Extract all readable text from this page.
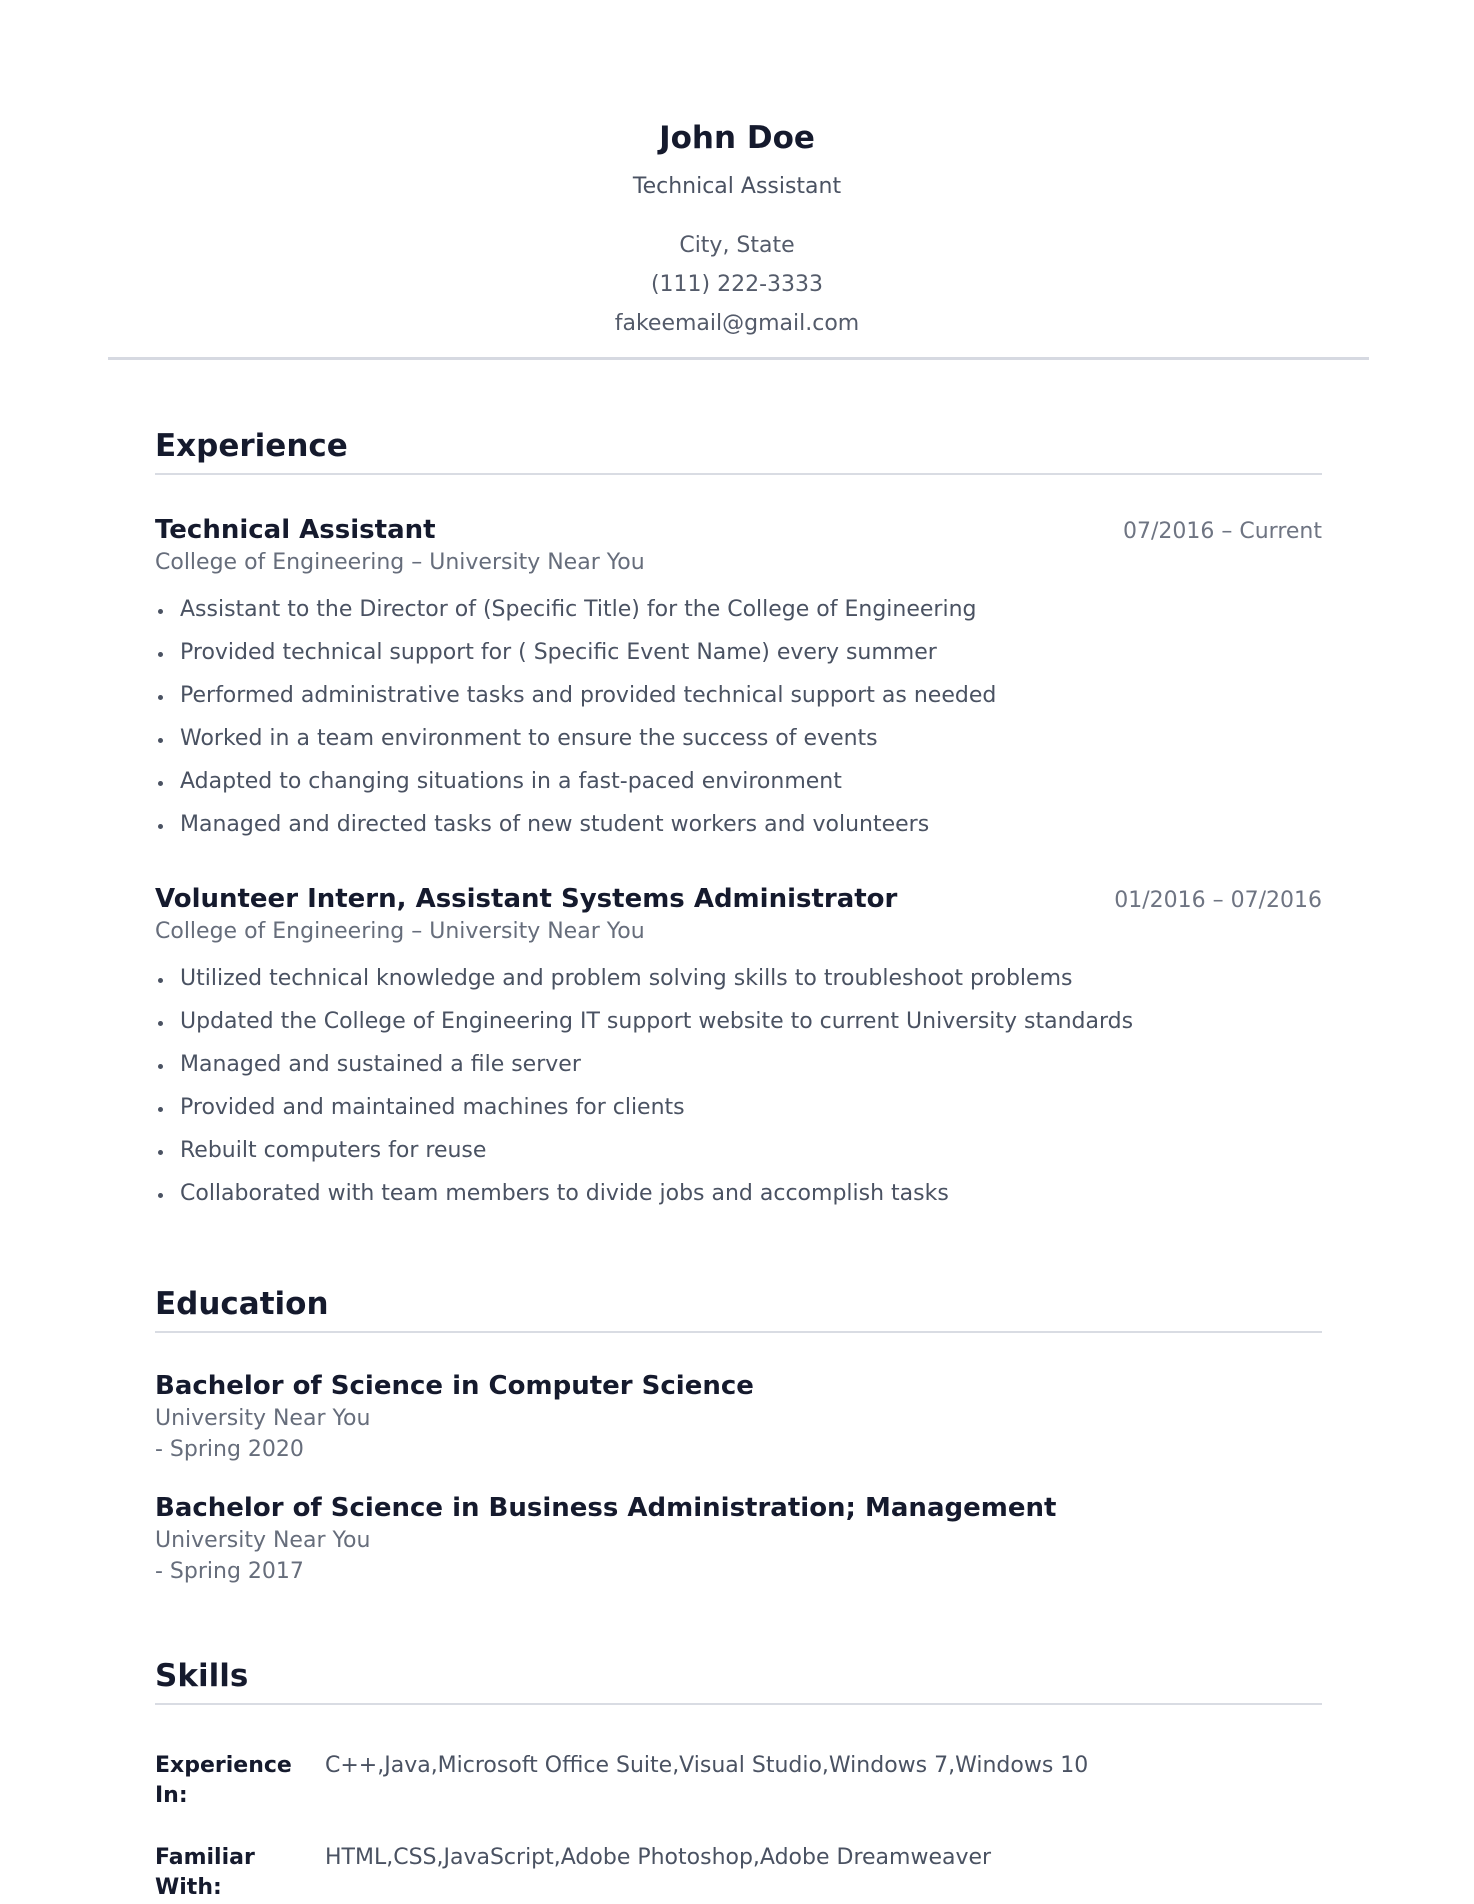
John Doe
Technical Assistant
City, State
(111) 222-3333
fakeemail@gmail.com
Experience
Technical Assistant	07/2016 – Current
College of Engineering – University Near You
Assistant to the Director of (Specific Title) for the College of Engineering
Provided technical support for ( Specific Event Name) every summer
Performed administrative tasks and provided technical support as needed
Worked in a team environment to ensure the success of events
Adapted to changing situations in a fast-paced environment
Managed and directed tasks of new student workers and volunteers
Volunteer Intern, Assistant Systems Administrator	01/2016 – 07/2016
College of Engineering – University Near You
Utilized technical knowledge and problem solving skills to troubleshoot problems
Updated the College of Engineering IT support website to current University standards
Managed and sustained a file server
Provided and maintained machines for clients
Rebuilt computers for reuse
Collaborated with team members to divide jobs and accomplish tasks
Education
Bachelor of Science in Computer Science
University Near You
- Spring 2020
Bachelor of Science in Business Administration; Management
University Near You
- Spring 2017
Skills
Experience In:
C++,Java,Microsoft Office Suite,Visual Studio,Windows 7,Windows 10
Familiar With:
HTML,CSS,JavaScript,Adobe Photoshop,Adobe Dreamweaver
